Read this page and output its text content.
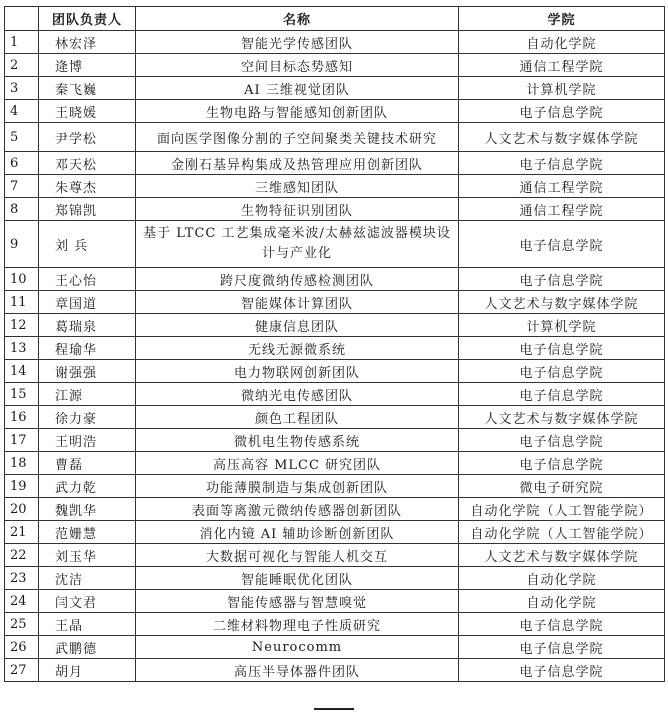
	团队负责人	名称	学院
1	林宏泽	智能光学传感团队	自动化学院
2	逄博	空间目标态势感知	通信工程学院
3	秦飞巍	AI 三维视觉团队	计算机学院
4	王晓媛	生物电路与智能感知创新团队	电子信息学院
5	尹学松	面向医学图像分割的子空间聚类关键技术研究	人文艺术与数字媒体学院
6	邓天松	金刚石基异构集成及热管理应用创新团队	电子信息学院
7	朱尊杰	三维感知团队	通信工程学院
8	郑锦凯	生物特征识别团队	通信工程学院
9	刘 兵	基于 LTCC 工艺集成毫米波/太赫兹滤波器模块设计与产业化	电子信息学院
10	王心怡	跨尺度微纳传感检测团队	电子信息学院
11	章国道	智能媒体计算团队	人文艺术与数字媒体学院
12	葛瑞泉	健康信息团队	计算机学院
13	程瑜华	无线无源微系统	电子信息学院
14	谢强强	电力物联网创新团队	电子信息学院
15	江源	微纳光电传感团队	电子信息学院
16	徐力豪	颜色工程团队	人文艺术与数字媒体学院
17	王明浩	微机电生物传感系统	电子信息学院
18	曹磊	高压高容 MLCC 研究团队	电子信息学院
19	武力乾	功能薄膜制造与集成创新团队	微电子研究院
20	魏凯华	表面等离激元微纳传感器创新团队	自动化学院（人工智能学院）
21	范姗慧	消化内镜 AI 辅助诊断创新团队	自动化学院（人工智能学院）
22	刘玉华	大数据可视化与智能人机交互	人文艺术与数字媒体学院
23	沈洁	智能睡眠优化团队	自动化学院
24	闫文君	智能传感器与智慧嗅觉	自动化学院
25	王晶	二维材料物理电子性质研究	电子信息学院
26	武鹏德	Neurocomm	电子信息学院
27	胡月	高压半导体器件团队	电子信息学院
